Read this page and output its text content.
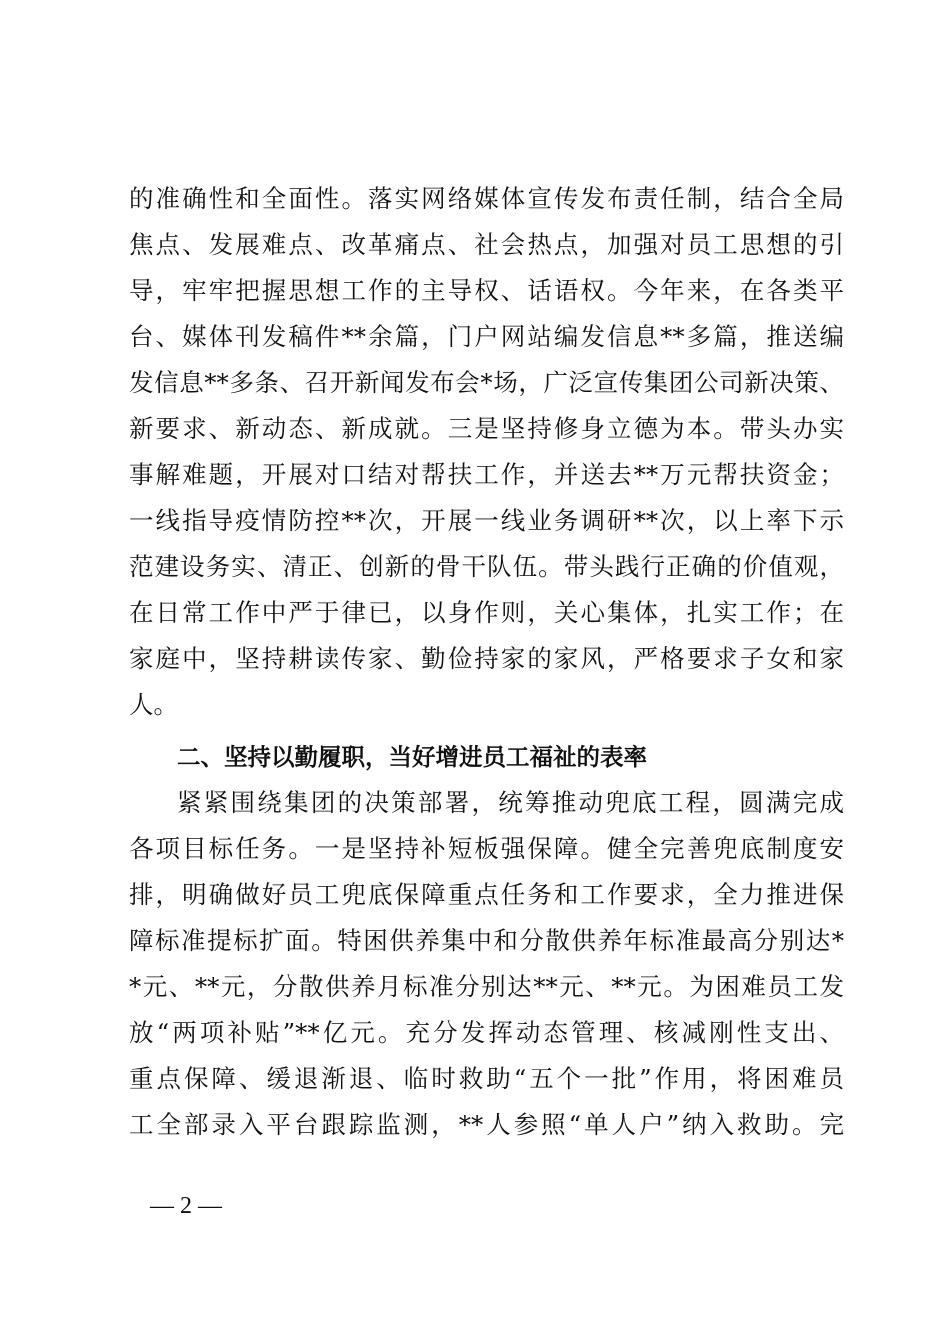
的准确性和全面性。落实网络媒体宣传发布责任制，结合全局
焦点、发展难点、改革痛点、社会热点，加强对员工思想的引
导，牢牢把握思想工作的主导权、话语权。今年来，在各类平
台、媒体刊发稿件**余篇，门户网站编发信息**多篇，推送编
发信息**多条、召开新闻发布会*场，广泛宣传集团公司新决策、
新要求、新动态、新成就。三是坚持修身立德为本。带头办实
事解难题，开展对口结对帮扶工作，并送去**万元帮扶资金；
一线指导疫情防控**次，开展一线业务调研**次，以上率下示
范建设务实、清正、创新的骨干队伍。带头践行正确的价值观，
在日常工作中严于律已，以身作则，关心集体，扎实工作；在
家庭中，坚持耕读传家、勤俭持家的家风，严格要求子女和家
人。
二、坚持以勤履职，当好增进员工福祉的表率
紧紧围绕集团的决策部署，统筹推动兜底工程，圆满完成
各项目标任务。一是坚持补短板强保障。健全完善兜底制度安
排，明确做好员工兜底保障重点任务和工作要求，全力推进保
障标准提标扩面。特困供养集中和分散供养年标准最高分别达*
*元、**元，分散供养月标准分别达**元、**元。为困难员工发
放“两项补贴”**亿元。充分发挥动态管理、核减刚性支出、
重点保障、缓退渐退、临时救助“五个一批”作用，将困难员
工全部录入平台跟踪监测，**人参照“单人户”纳入救助。完
— 2 —
